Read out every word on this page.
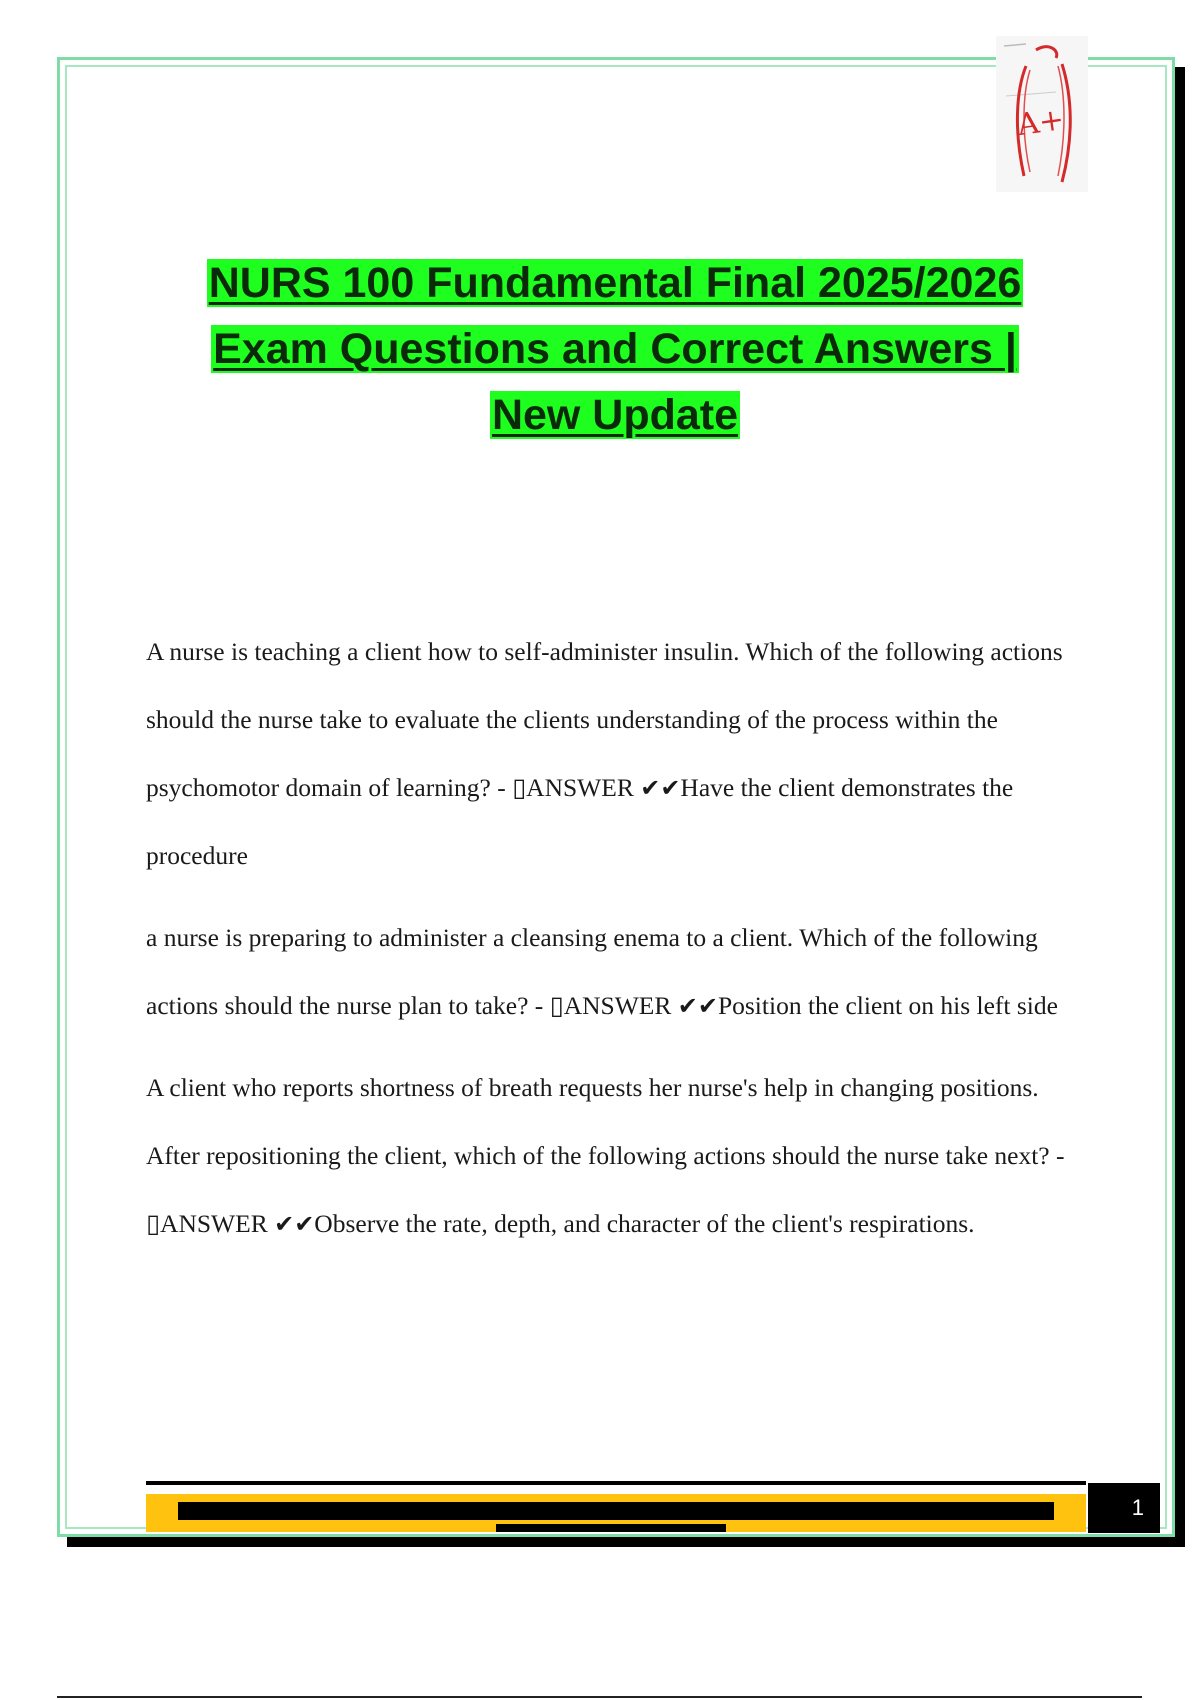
A+
NURS 100 Fundamental Final 2025/2026
Exam Questions and Correct Answers |
New Update

A nurse is teaching a client how to self-administer insulin. Which of the following actions should the nurse take to evaluate the clients understanding of the process within the psychomotor domain of learning? - ▯ANSWER ✔✔Have the client demonstrates the procedure

a nurse is preparing to administer a cleansing enema to a client. Which of the following actions should the nurse plan to take? - ▯ANSWER ✔✔Position the client on his left side

A client who reports shortness of breath requests her nurse's help in changing positions. After repositioning the client, which of the following actions should the nurse take next? - ▯ANSWER ✔✔Observe the rate, depth, and character of the client's respirations.

1
